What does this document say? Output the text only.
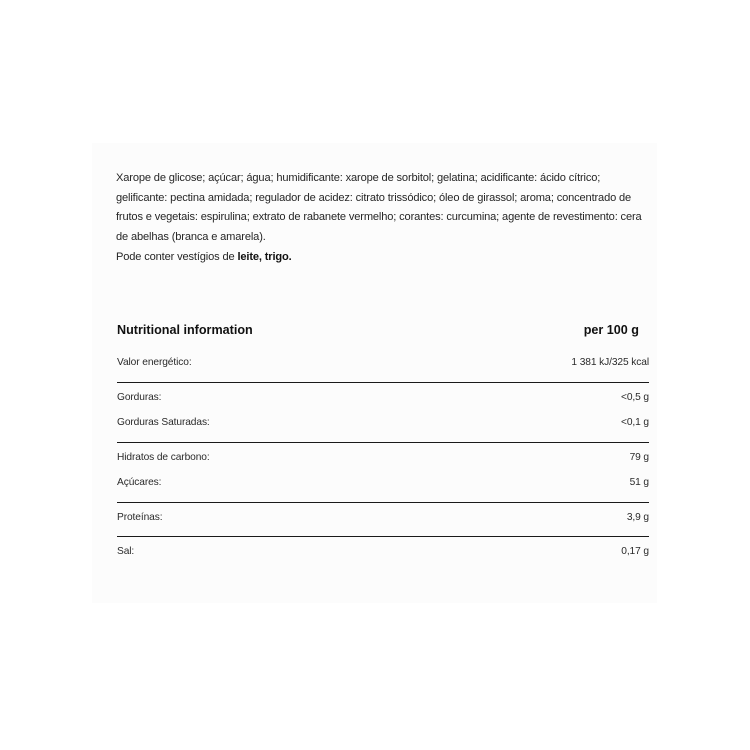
Xarope de glicose; açúcar; água; humidificante: xarope de sorbitol; gelatina; acidificante: ácido cítrico; gelificante: pectina amidada; regulador de acidez: citrato trissódico; óleo de girassol; aroma; concentrado de frutos e vegetais: espirulina; extrato de rabanete vermelho; corantes: curcumina; agente de revestimento: cera de abelhas (branca e amarela).
Pode conter vestígios de leite, trigo.
Nutritional information	per 100 g
Valor energético:	1 381 kJ/325 kcal
Gorduras:	<0,5 g
Gorduras Saturadas:	<0,1 g
Hidratos de carbono:	79 g
Açúcares:	51 g
Proteínas:	3,9 g
Sal:	0,17 g
